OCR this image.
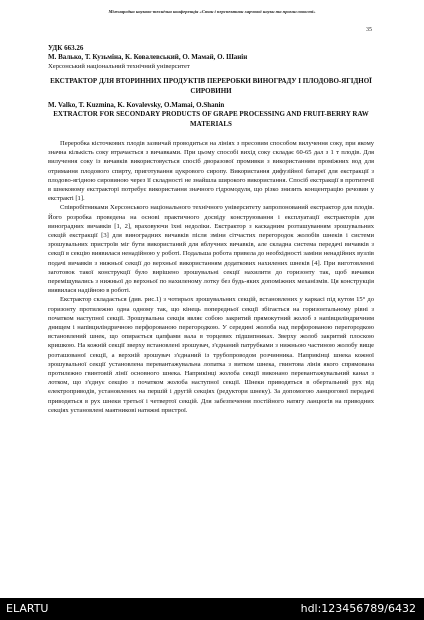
Міжнародна науково-технічна конференція «Стан і перспективи харчової науки та промисловості»
35

УДК 663.26

М. Валько, Т. Кузьміна, К. Ковалевський, О. Мамай, О. Шанін

Херсонський національний технічний університет

ЕКСТРАКТОР ДЛЯ ВТОРИННИХ ПРОДУКТІВ ПЕРЕРОБКИ ВИНОГРАДУ І ПЛОДОВО-ЯГІДНОЇ СИРОВИНИ

M. Valko, T. Kuzmina, K. Kovalevsky, O.Mamai, O.Shanin

EXTRACTOR FOR SECONDARY PRODUCTS OF GRAPE PROCESSING AND FRUIT-BERRY RAW MATERIALS

Переробка кісточкових плодів зазвичай проводиться на лініях з пресовим способом вилучення соку, при якому значна кількість соку втрачається з вичавками. При цьому способі вихід соку складає 60-65 дал з 1 т плодів. Для вилучення соку із вичавків використовується спосіб дворазової промивки з використанням проміжних вод для отримання плодового спирту, приготування цукрового сиропу. Використання дифузійної батареї для екстракції з плодово-ягідною сировиною через її складності не знайшла широкого використання. Спосіб екстракції в протитечії в шнековому екстракторі потребує використання значного гідромодуля, що різко знизить концентрацію речовин у екстракті [1].

Співробітниками Херсонського національного технічного університету запропонований екстрактор для плодів. Його розробка проведена на основі практичного досвіду конструювання і експлуатації екстракторів для виноградних вичавків [1, 2], враховуючи їхні недоліки. Екстрактор з каскадним розташуванням зрошувальних секцій екстракції [3] для виноградних вичавків після зміни сітчастих перегородок жолобів шнеків і системи зрошувальних пристроїв міг бути використаний для яблучних вичавків, але складна система передачі вичавків з секції в секцію виявилася ненадійною у роботі. Подальша робота привела до необхідності заміни ненадійних вузлів подачі вичавків з нижньої секції до верхньої використанням додаткових нахилених шнеків [4]. При виготовленні заготовок такої конструкції було вирішено зрошувальні секції нахилити до горизонту так, щоб вичавки переміщувались з нижньої до верхньої по нахиленому лотку без будь-яких допоміжних механізмів. Ця конструкція виявилася надійною в роботі.

Екстрактор складається (див. рис.1) з чотирьох зрошувальних секцій, встановлених у каркасі під кутом 15° до горизонту протилежно одна одному так, що кінець попередньої секції збігається на горизонтальному рівні з початком наступної секції. Зрошувальна секція являє собою закритий прямокутний жолоб з напівциліндричним днищем і напівциліндричною перфорованою перегородкою. У середині жолоба над перфорованою перегородкою встановлений шнек, що опирається цапфами вала в торцевих підшипниках. Зверху жолоб закритий плоскою кришкою. На кожній секції зверху встановлені зрошувач, з'єднаний патрубками з нижньою частиною жолобу вище розташованої секції, а верхній зрошувач з'єднаний із трубопроводом розчинника. Наприкінці шнека кожної зрошувальної секції установлена перевантажувальна лопатка з витком шнека, гвинтова лінія якого спрямована протилежно гвинтовій лінії основного шнека. Наприкінці жолоба секції виконано перевантажувальний канал з лотком, що з'єднує секцію з початком жолоба наступної секції. Шнеки приводяться в обертальний рух від електроприводів, установлених на першій і другій секціях (редуктори шнеку). За допомогою ланцюгової передачі приводяться в рух шнеки третьої і четвертої секцій. Для забезпечення постійного натягу ланцюгів на приводних секціях установлені маятникові натяжні пристрої.

ELARTU	hdl:123456789/6432
